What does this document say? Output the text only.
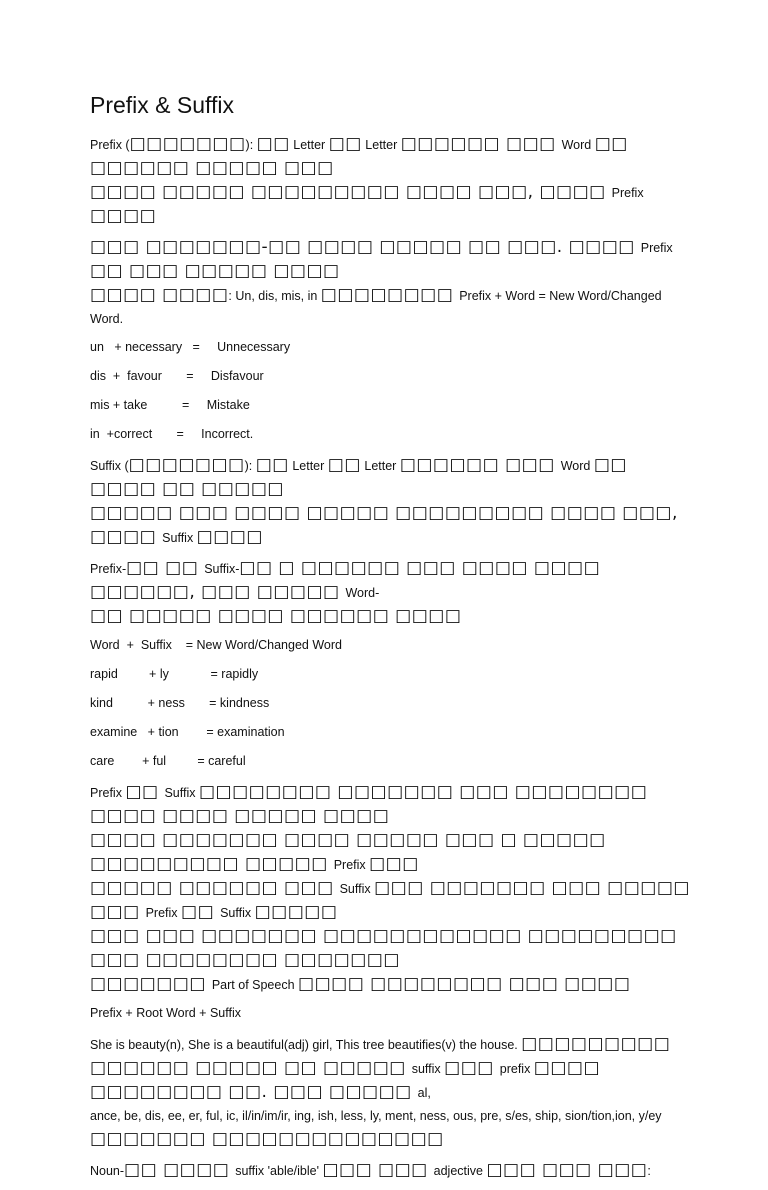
Prefix & Suffix

Prefix (□□□□□□□): □□ Letter □□ Letter □□□□□□ □□□ Word □□ □□□□□□ □□□□□ □□□
□□□□ □□□□□ □□□□□□□□□ □□□□ □□□, □□□□ Prefix □□□□

□□□ □□□□□□□-□□ □□□□ □□□□□ □□ □□□. □□□□ Prefix □□ □□□ □□□□□ □□□□
□□□□ □□□□: Un, dis, mis, in □□□□□□□□ Prefix + Word = New Word/Changed Word.

un   + necessary   =     Unnecessary
dis  +  favour       =     Disfavour
mis + take          =     Mistake
in  +correct       =     Incorrect.

Suffix (□□□□□□□): □□ Letter □□ Letter □□□□□□ □□□ Word □□ □□□□ □□ □□□□□
□□□□□ □□□ □□□□ □□□□□ □□□□□□□□□ □□□□ □□□, □□□□ Suffix □□□□

Prefix-□□ □□ Suffix-□□ □ □□□□□□ □□□ □□□□ □□□□ □□□□□□, □□□ □□□□□ Word-
□□ □□□□□ □□□□ □□□□□□ □□□□

Word  +  Suffix    = New Word/Changed Word
rapid         + ly            = rapidly
kind          + ness       = kindness
examine   + tion        = examination
care        + ful         = careful

Prefix □□ Suffix □□□□□□□□ □□□□□□□ □□□ □□□□□□□□ □□□□ □□□□ □□□□□ □□□□
□□□□ □□□□□□□ □□□□ □□□□□ □□□ □ □□□□□ □□□□□□□□□ □□□□□ Prefix □□□
□□□□□ □□□□□□ □□□ Suffix □□□ □□□□□□□ □□□ □□□□□ □□□ Prefix □□ Suffix □□□□□
□□□ □□□ □□□□□□□ □□□□□□□□□□□□ □□□□□□□□□ □□□ □□□□□□□□ □□□□□□□
□□□□□□□ Part of Speech □□□□ □□□□□□□□ □□□ □□□□

Prefix + Root Word + Suffix

She is beauty(n), She is a beautiful(adj) girl, This tree beautifies(v) the house. □□□□□□□□□
□□□□□□ □□□□□ □□ □□□□□ suffix □□□ prefix □□□□ □□□□□□□□ □□. □□□ □□□□□ al,
ance, be, dis, ee, er, ful, ic, il/in/im/ir, ing, ish, less, ly, ment, ness, ous, pre, s/es, ship, sion/tion,ion, y/ey
□□□□□□□ □□□□□□□□□□□□□□

Noun-□□ □□□□ suffix 'able/ible' □□□ □□□ adjective □□□ □□□ □□□:
